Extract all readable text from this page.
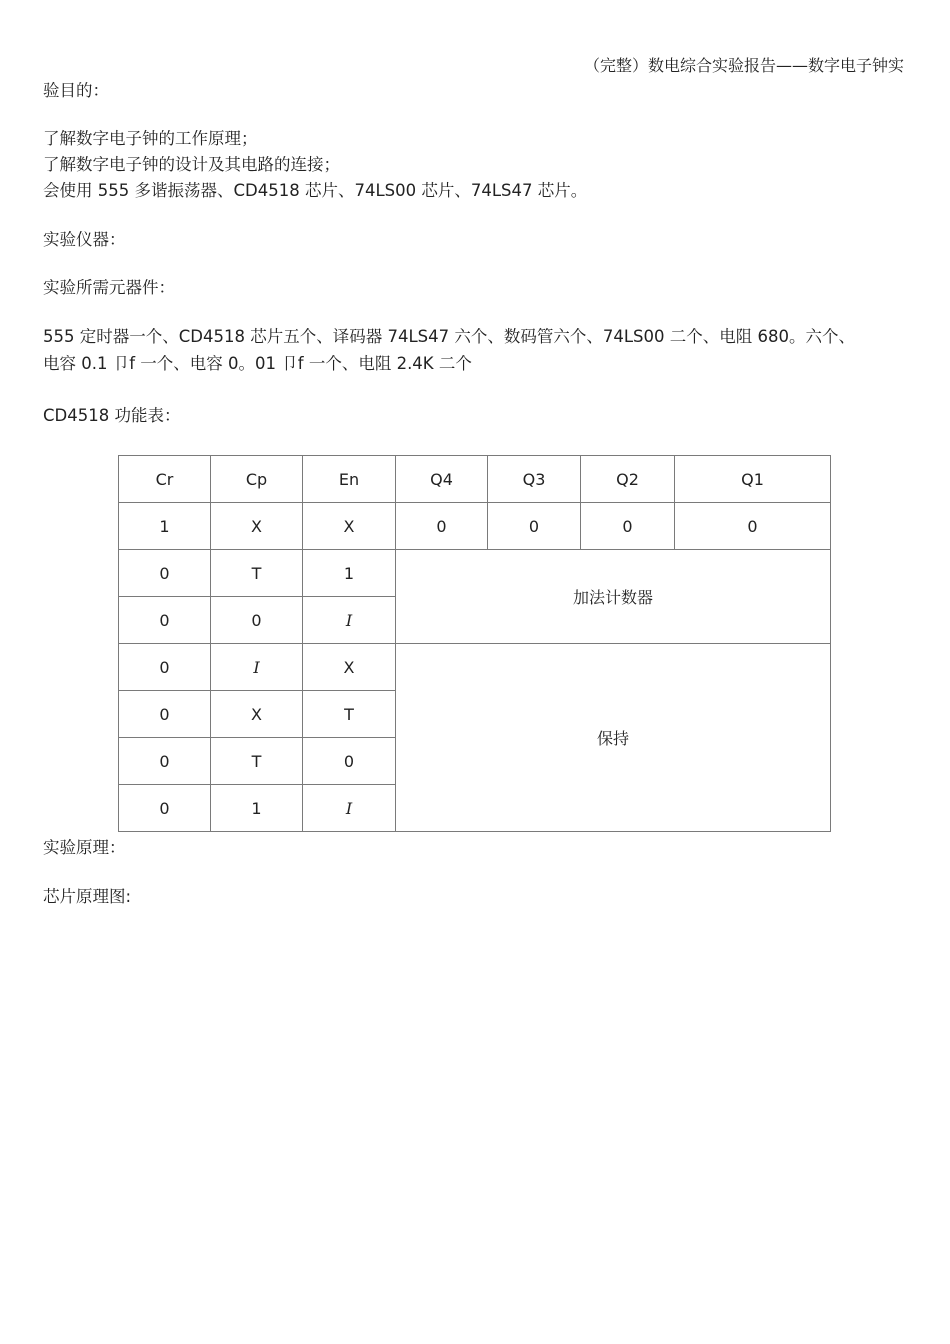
（完整）数电综合实验报告——数字电子钟实
验目的：
了解数字电子钟的工作原理；
了解数字电子钟的设计及其电路的连接；
会使用 555 多谐振荡器、CD4518 芯片、74LS00 芯片、74LS47 芯片。
实验仪器：
实验所需元器件：
555 定时器一个、CD4518 芯片五个、译码器 74LS47 六个、数码管六个、74LS00 二个、电阻 680。六个、
电容 0.1 卩f 一个、电容 0。01 卩f 一个、电阻 2.4K 二个
CD4518 功能表：
Cr	Cp	En	Q4	Q3	Q2	Q1
1	X	X	0	0	0	0
0	T	1	加法计数器			
0	0	I				
0	I	X	保持			
0	X	T				
0	T	0				
0	1	I				
实验原理：
芯片原理图:
